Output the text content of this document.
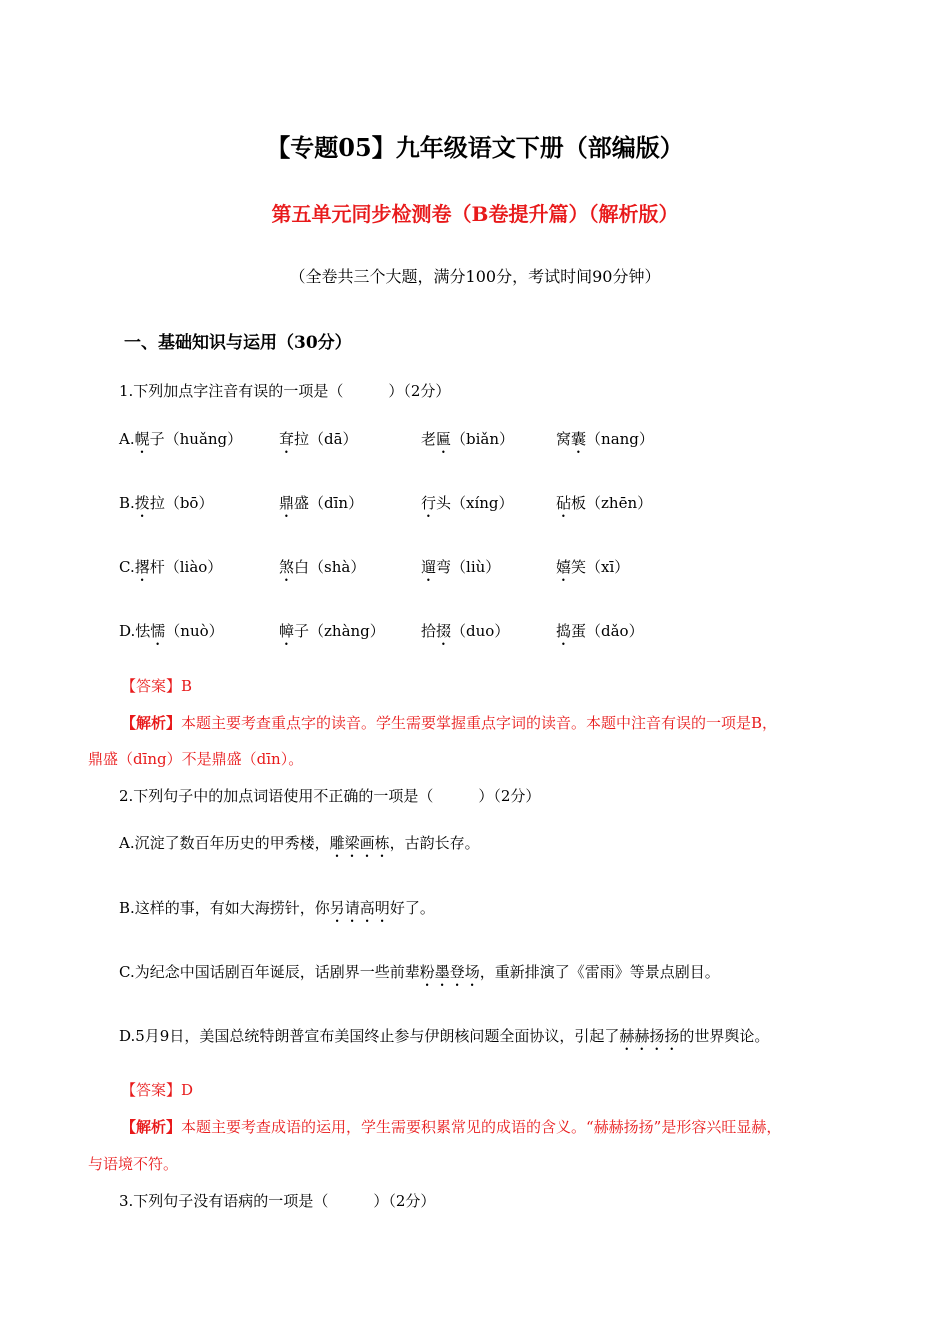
【专题05】九年级语文下册（部编版）
第五单元同步检测卷（B卷提升篇）（解析版）
（全卷共三个大题，满分100分，考试时间90分钟）
一、基础知识与运用（30分）
1.下列加点字注音有误的一项是（　　　）（2分）
A.幌子（huǎng） 耷拉（dā）	老匾（biǎn）	窝囊（nang）
B.拨拉（bō）	鼎盛（dīn）	行头（xíng）	砧板（zhēn）
C.撂杆（liào）	煞白（shà）	遛弯（liù）	嬉笑（xī）
D.怯懦（nuò）	幛子（zhàng） 拾掇（duo）	捣蛋（dǎo）
【答案】B
【解析】本题主要考查重点字的读音。学生需要掌握重点字词的读音。本题中注音有误的一项是B，
鼎盛（dīng）不是鼎盛（dīn）。
2.下列句子中的加点词语使用不正确的一项是（　　　）（2分）
A.沉淀了数百年历史的甲秀楼，雕梁画栋，古韵长存。
B.这样的事，有如大海捞针，你另请高明好了。
C.为纪念中国话剧百年诞辰，话剧界一些前辈粉墨登场，重新排演了《雷雨》等景点剧目。
D.5月9日，美国总统特朗普宣布美国终止参与伊朗核问题全面协议，引起了赫赫扬扬的世界舆论。
【答案】D
【解析】本题主要考查成语的运用，学生需要积累常见的成语的含义。“赫赫扬扬”是形容兴旺显赫，
与语境不符。
3.下列句子没有语病的一项是（　　　）（2分）
